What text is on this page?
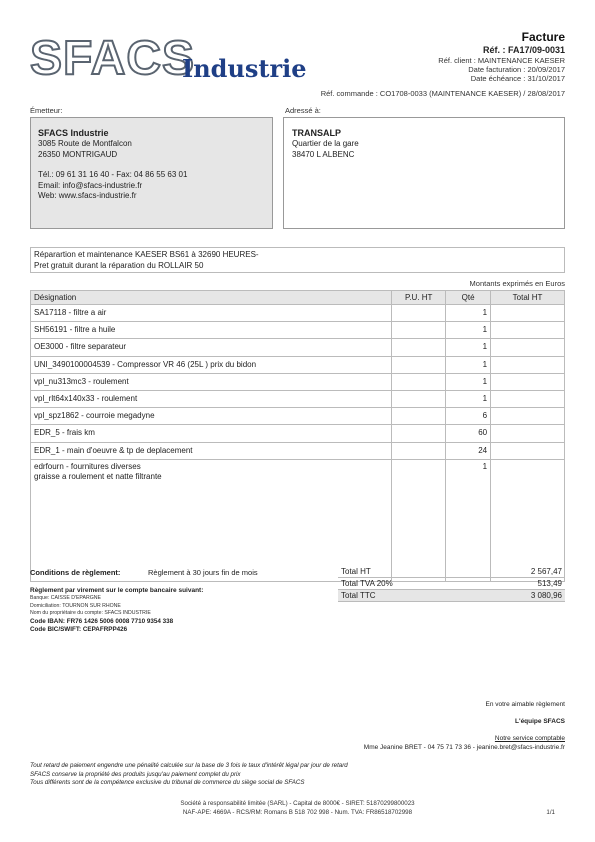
SFACS
Industrie
Facture
Réf. : FA17/09-0031
Réf. client : MAINTENANCE KAESER
Date facturation : 20/09/2017
Date échéance : 31/10/2017
Réf. commande : CO1708-0033 (MAINTENANCE KAESER) / 28/08/2017
Émetteur:	Adressé à:
SFACS Industrie
3085 Route de Montfalcon
26350 MONTRIGAUD
Tél.: 09 61 31 16 40 - Fax: 04 86 55 63 01
Email: info@sfacs-industrie.fr
Web: www.sfacs-industrie.fr
TRANSALP
Quartier de la gare
38470 L ALBENC
Réparartion et maintenance KAESER BS61 à 32690 HEURES-
Pret gratuit durant la réparation du ROLLAIR 50
Montants exprimés en Euros
Désignation	P.U. HT	Qté	Total HT
SA17118 - filtre a air		1	
SH56191 - filtre a huile		1	
OE3000 - filtre separateur		1	
UNI_3490100004539 - Compressor VR 46 (25L ) prix du bidon		1	
vpl_nu313mc3 - roulement		1	
vpl_rlt64x140x33 - roulement		1	
vpl_spz1862 - courroie megadyne		6	
EDR_5 - frais km		60	
EDR_1 - main d'oeuvre & tp de deplacement		24	

edrfourn - fournitures diverses
graisse a roulement et natte filtrante		1	
Conditions de règlement:	Règlement à 30 jours fin de mois
Règlement par virement sur le compte bancaire suivant:
Banque: CAISSE D'EPARGNE
Domiciliation: TOURNON SUR RHONE
Nom du propriétaire du compte: SFACS INDUSTRIE
Code IBAN: FR76 1426 5006 0008 7710 9354 338
Code BIC/SWIFT: CEPAFRPP426
Total HT	2 567,47
Total TVA 20%	513,49
Total TTC	3 080,96
En votre aimable règlement
L'équipe SFACS
Notre service comptable
Mme Jeanine BRET - 04 75 71 73 36 - jeanine.bret@sfacs-industrie.fr
Tout retard de paiement engendre une pénalité calculée sur la base de 3 fois le taux d'intérêt légal par jour de retard
SFACS conserve la propriété des produits jusqu'au paiement complet du prix
Tous différents sont de la compétence exclusive du tribunal de commerce du siège social de SFACS
Société à responsabilité limitée (SARL) - Capital de 8000€ - SIRET: 51870299800023
NAF-APE: 4669A - RCS/RM: Romans B 518 702 998 - Num. TVA: FR86518702998	1/1
